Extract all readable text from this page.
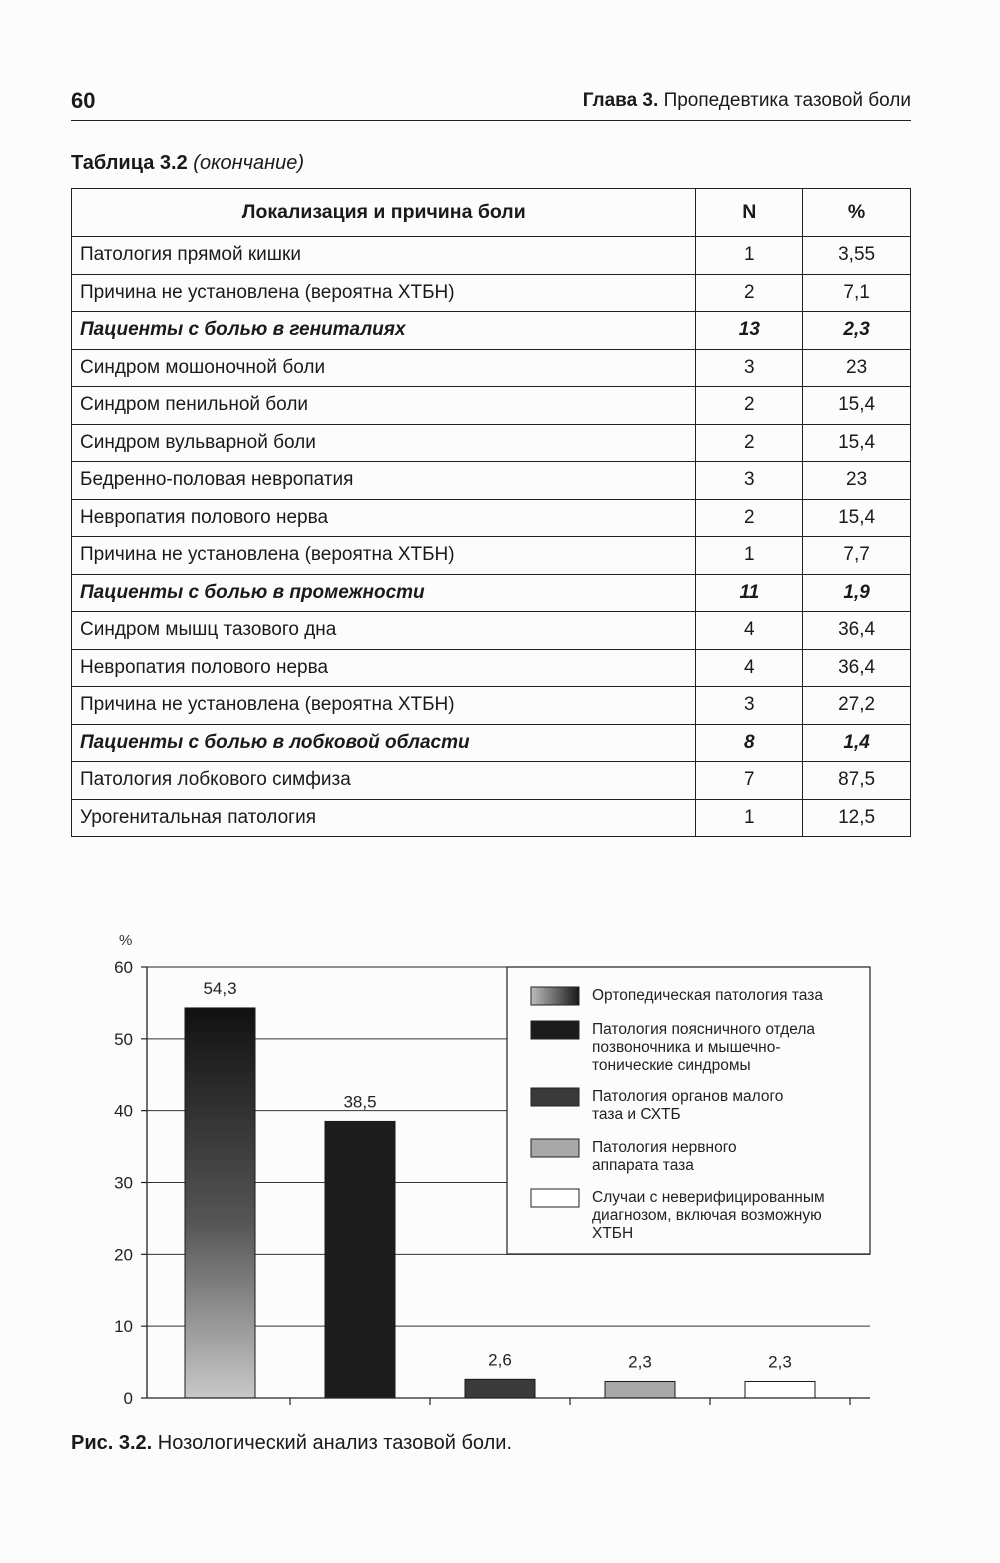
60	Глава 3. Пропедевтика тазовой боли
Таблица 3.2 (окончание)
Локализация и причина боли	N	%
Патология прямой кишки	1	3,55
Причина не установлена (вероятна ХТБН)	2	7,1
Пациенты с болью в гениталиях	13	2,3
Синдром мошоночной боли	3	23
Синдром пенильной боли	2	15,4
Синдром вульварной боли	2	15,4
Бедренно-половая невропатия	3	23
Невропатия полового нерва	2	15,4
Причина не установлена (вероятна ХТБН)	1	7,7
Пациенты с болью в промежности	11	1,9
Синдром мышц тазового дна	4	36,4
Невропатия полового нерва	4	36,4
Причина не установлена (вероятна ХТБН)	3	27,2
Пациенты с болью в лобковой области	8	1,4
Патология лобкового симфиза	7	87,5
Урогенитальная патология	1	12,5
54,3
38,5
2,6	2,3	2,3
0
10
20
30
40
50
60
%
Ортопедическая патология таза
Патология поясничного отдела позвоночника и мышечно-тонические синдромы
Патология органов малого таза и СХТБ
Патология нервного аппарата таза
Случаи с неверифицированным диагнозом, включая возможную ХТБН
Рис. 3.2. Нозологический анализ тазовой боли.
